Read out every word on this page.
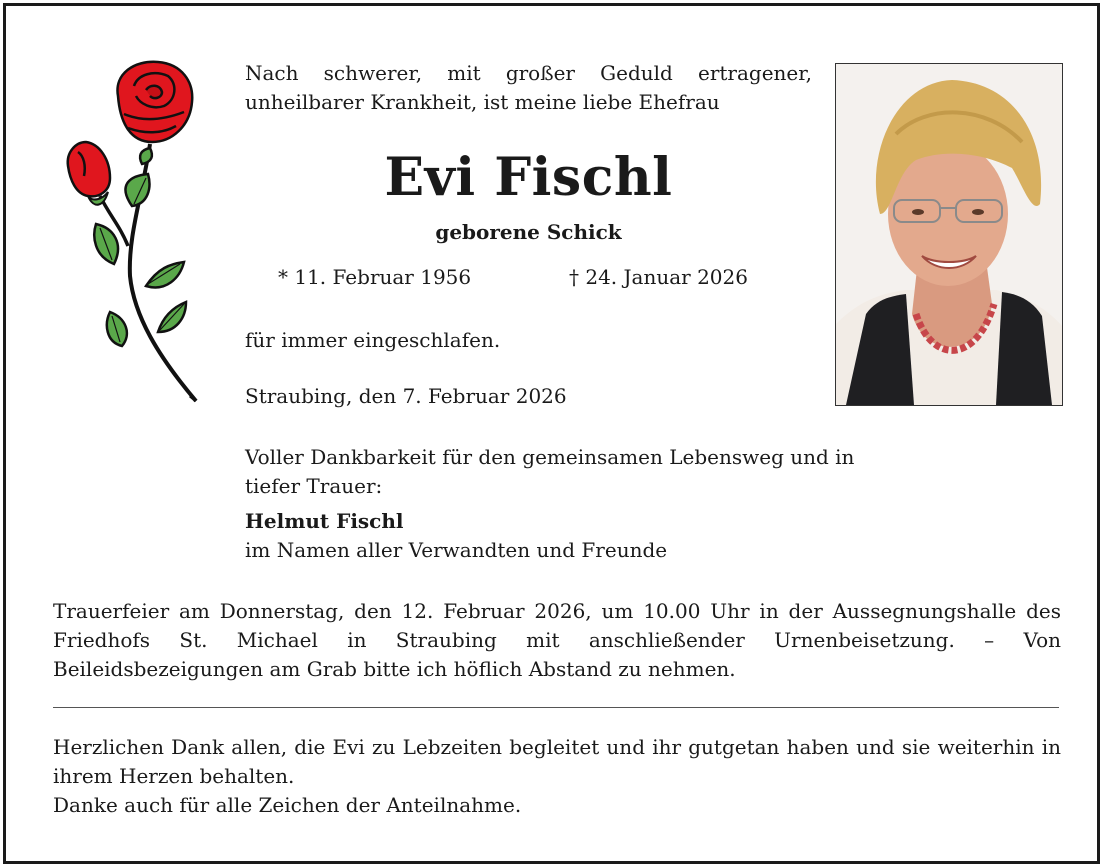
Nach schwerer, mit großer Geduld ertragener, unheilbarer Krankheit, ist meine liebe Ehefrau
Evi Fischl
geborene Schick
* 11. Februar 1956	† 24. Januar 2026
für immer eingeschlafen.
Straubing, den 7. Februar 2026
Voller Dankbarkeit für den gemeinsamen Lebensweg und in tiefer Trauer:
Helmut Fischl
im Namen aller Verwandten und Freunde
Trauerfeier am Donnerstag, den 12. Februar 2026, um 10.00 Uhr in der Aussegnungshalle des Friedhofs St. Michael in Straubing mit anschließender Urnenbeisetzung. – Von Beileidsbezeigungen am Grab bitte ich höflich Abstand zu nehmen.
Herzlichen Dank allen, die Evi zu Lebzeiten begleitet und ihr gutgetan haben und sie weiterhin in ihrem Herzen behalten.
Danke auch für alle Zeichen der Anteilnahme.
